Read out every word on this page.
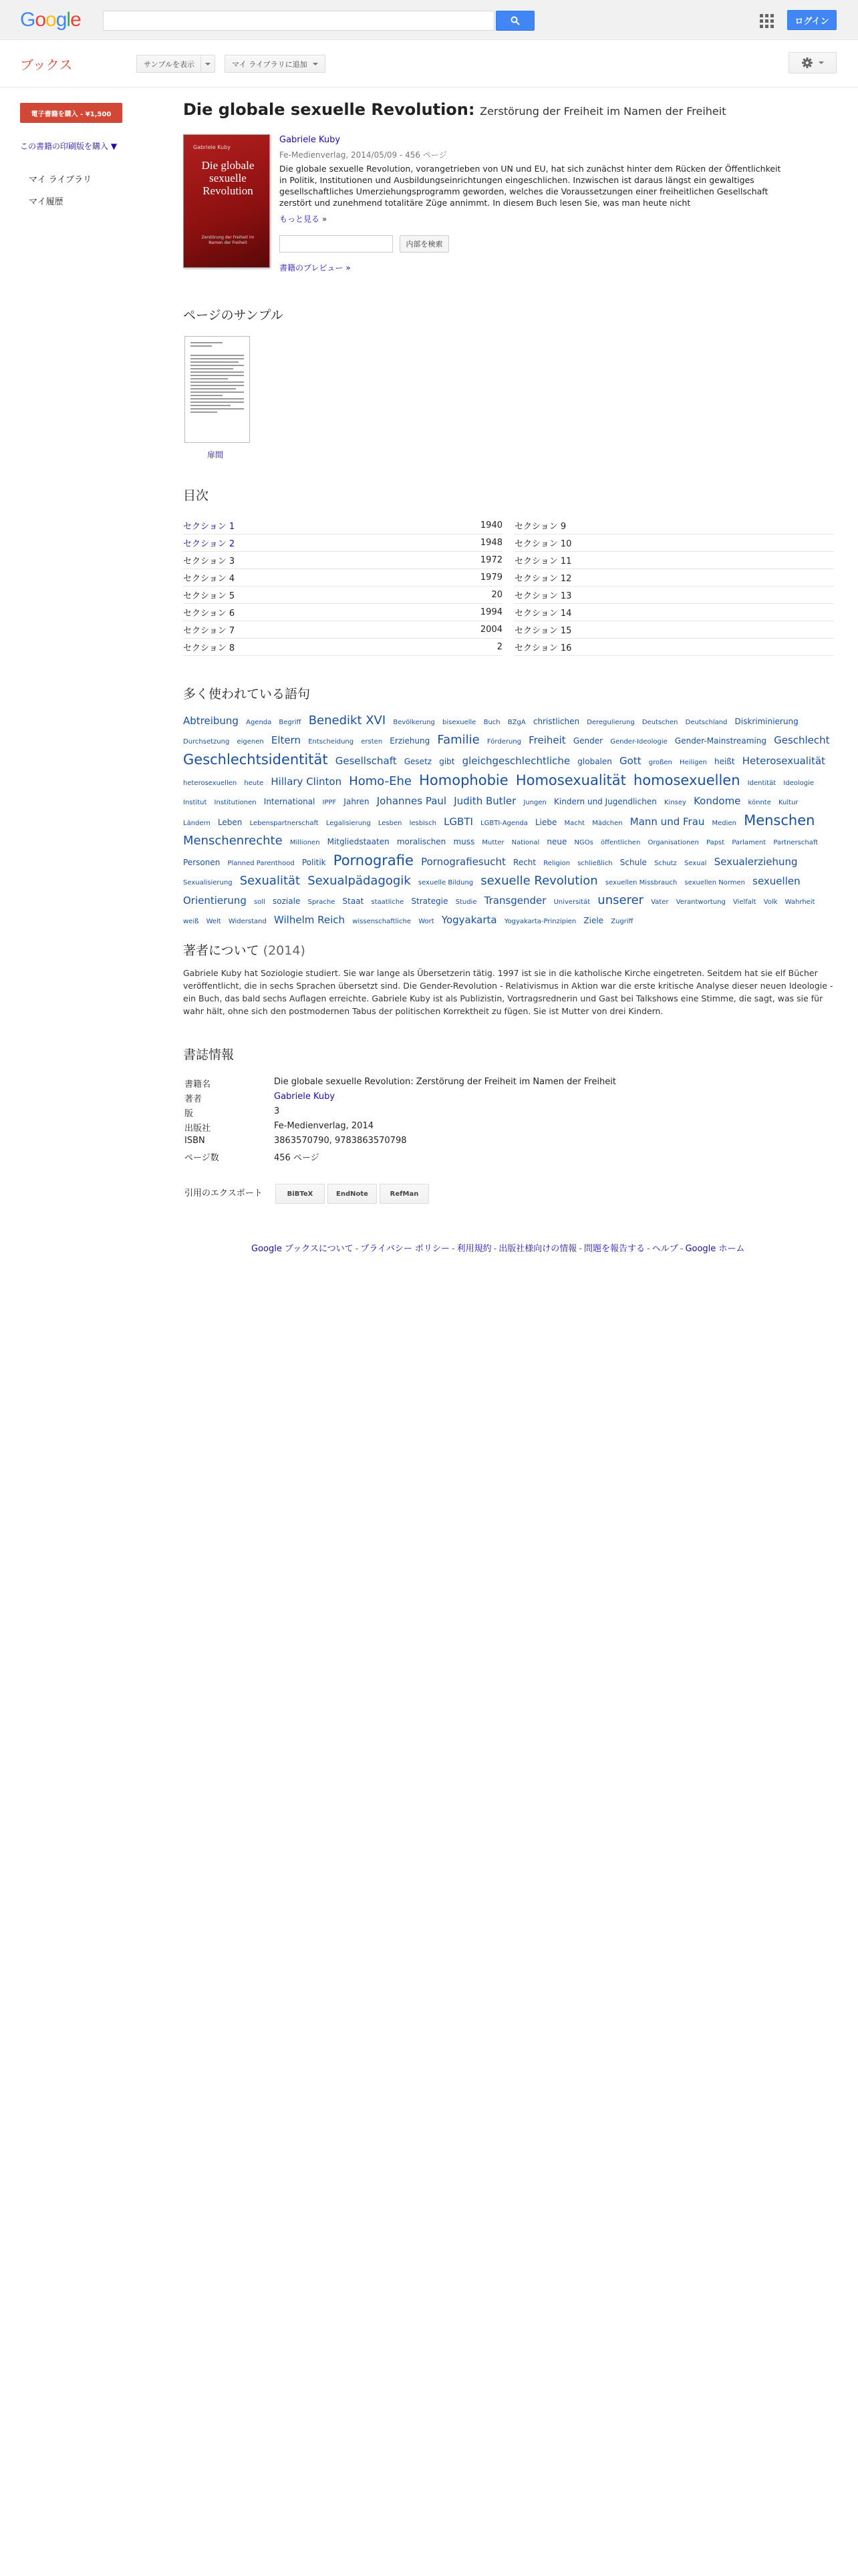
Google	ログイン
ブックス	サンプルを表示	マイ ライブラリに追加
電子書籍を購入 - ¥1,500
この書籍の印刷版を購入 ▼
マイ ライブラリ
マイ履歴
Die globale sexuelle Revolution: Zerstörung der Freiheit im Namen der Freiheit
Gabriele Kuby
Die globale sexuelle Revolution
Zerstörung der Freiheit im Namen der Freiheit
Gabriele Kuby
Fe-Medienverlag, 2014/05/09 - 456 ページ
Die globale sexuelle Revolution, vorangetrieben von UN und EU, hat sich zunächst hinter dem Rücken der Öffentlichkeit in Politik, Institutionen und Ausbildungseinrichtungen eingeschlichen. Inzwischen ist daraus längst ein gewaltiges gesellschaftliches Umerziehungsprogramm geworden, welches die Voraussetzungen einer freiheitlichen Gesellschaft zerstört und zunehmend totalitäre Züge annimmt. In diesem Buch lesen Sie, was man heute nicht
もっと見る »
内部を検索
書籍のプレビュー »
ページのサンプル
扉間
目次
セクション 1	1940
セクション 2	1948
セクション 3	1972
セクション 4	1979
セクション 5	20
セクション 6	1994
セクション 7	2004
セクション 8	2
セクション 9
セクション 10
セクション 11
セクション 12
セクション 13
セクション 14
セクション 15
セクション 16
多く使われている語句
Abtreibung Agenda Begriff Benedikt XVI Bevölkerung bisexuelle Buch BZgA christlichen Deregulierung Deutschen Deutschland Diskriminierung Durchsetzung eigenen Eltern Entscheidung ersten Erziehung Familie Förderung Freiheit Gender Gender-Ideologie Gender-Mainstreaming Geschlecht Geschlechtsidentität Gesellschaft Gesetz gibt gleichgeschlechtliche globalen Gott großen Heiligen heißt Heterosexualität heterosexuellen heute Hillary Clinton Homo-Ehe Homophobie Homosexualität homosexuellen Identität Ideologie Institut Institutionen International IPPF Jahren Johannes Paul Judith Butler Jungen Kindern und Jugendlichen Kinsey Kondome könnte Kultur Ländern Leben Lebenspartnerschaft Legalisierung Lesben lesbisch LGBTI LGBTI-Agenda Liebe Macht Mädchen Mann und Frau Medien Menschen Menschenrechte Millionen Mitgliedstaaten moralischen muss Mutter National neue NGOs öffentlichen Organisationen Papst Parlament Partnerschaft Personen Planned Parenthood Politik Pornografie Pornografiesucht Recht Religion schließlich Schule Schutz Sexual Sexualerziehung Sexualisierung Sexualität Sexualpädagogik sexuelle Bildung sexuelle Revolution sexuellen Missbrauch sexuellen Normen sexuellen Orientierung soll soziale Sprache Staat staatliche Strategie Studie Transgender Universität unserer Vater Verantwortung Vielfalt Volk Wahrheit weiß Welt Widerstand Wilhelm Reich wissenschaftliche Wort Yogyakarta Yogyakarta-Prinzipien Ziele Zugriff
著者について (2014)
Gabriele Kuby hat Soziologie studiert. Sie war lange als Übersetzerin tätig. 1997 ist sie in die katholische Kirche eingetreten. Seitdem hat sie elf Bücher veröffentlicht, die in sechs Sprachen übersetzt sind. Die Gender-Revolution - Relativismus in Aktion war die erste kritische Analyse dieser neuen Ideologie - ein Buch, das bald sechs Auflagen erreichte. Gabriele Kuby ist als Publizistin, Vortragsrednerin und Gast bei Talkshows eine Stimme, die sagt, was sie für wahr hält, ohne sich den postmodernen Tabus der politischen Korrektheit zu fügen. Sie ist Mutter von drei Kindern.
書誌情報
書籍名	Die globale sexuelle Revolution: Zerstörung der Freiheit im Namen der Freiheit
著者	Gabriele Kuby
版	3
出版社	Fe-Medienverlag, 2014
ISBN	3863570790, 9783863570798
ページ数	456 ページ
引用のエクスポート	BiBTeX	EndNote	RefMan
Google ブックスについて - プライバシー ポリシー - 利用規約 - 出版社様向けの情報 - 問題を報告する - ヘルプ - Google ホーム
